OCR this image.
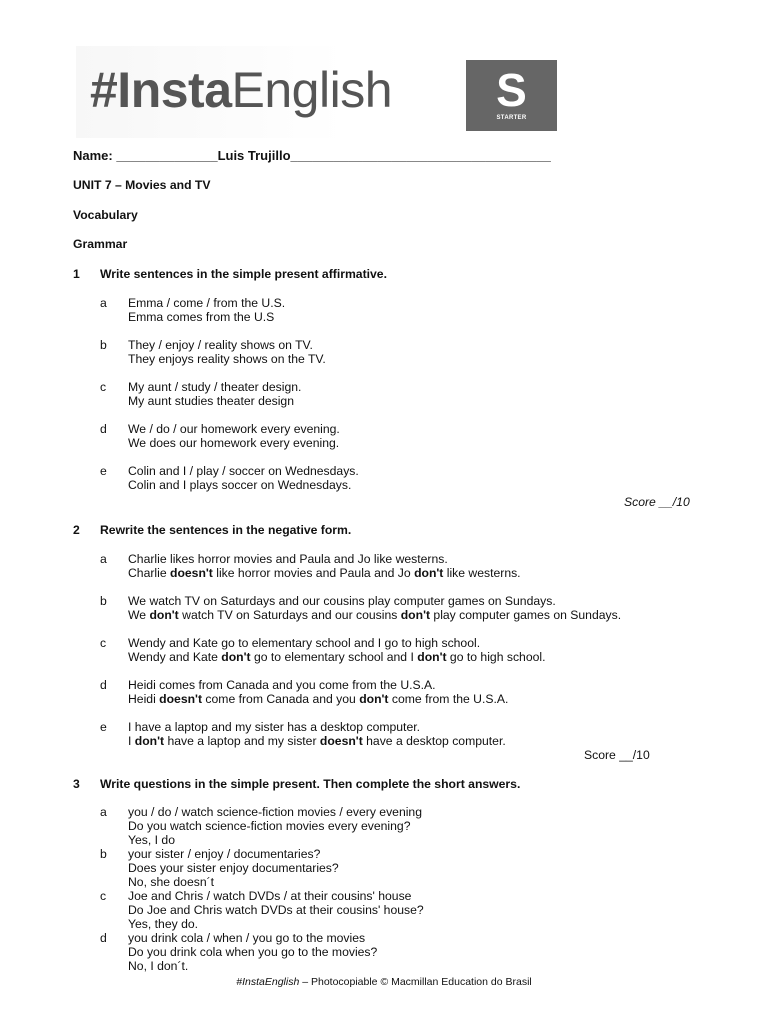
#InstaEnglish	S
STARTER
Name: ______________Luis Trujillo____________________________________
UNIT 7 – Movies and TV
Vocabulary
Grammar
1 Write sentences in the simple present affirmative.
a Emma / come / from the U.S.
Emma comes from the U.S
b They / enjoy / reality shows on TV.
They enjoys reality shows on the TV.
c My aunt / study / theater design.
My aunt studies theater design
d We / do / our homework every evening.
We does our homework every evening.
e Colin and I / play / soccer on Wednesdays.
Colin and I plays soccer on Wednesdays.
Score __/10
2 Rewrite the sentences in the negative form.
a Charlie likes horror movies and Paula and Jo like westerns.
Charlie doesn't like horror movies and Paula and Jo don't like westerns.
b We watch TV on Saturdays and our cousins play computer games on Sundays.
We don't watch TV on Saturdays and our cousins don't play computer games on Sundays.
c Wendy and Kate go to elementary school and I go to high school.
Wendy and Kate don't go to elementary school and I don't go to high school.
d Heidi comes from Canada and you come from the U.S.A.
Heidi doesn't come from Canada and you don't come from the U.S.A.
e I have a laptop and my sister has a desktop computer.
I don't have a laptop and my sister doesn't have a desktop computer.
Score __/10
3 Write questions in the simple present. Then complete the short answers.
a you / do / watch science-fiction movies / every evening
Do you watch science-fiction movies every evening?
Yes, I do
b your sister / enjoy / documentaries?
Does your sister enjoy documentaries?
No, she doesn´t
c Joe and Chris / watch DVDs / at their cousins' house
Do Joe and Chris watch DVDs at their cousins' house?
Yes, they do.
d you drink cola / when / you go to the movies
Do you drink cola when you go to the movies?
No, I don´t.
#InstaEnglish – Photocopiable © Macmillan Education do Brasil
